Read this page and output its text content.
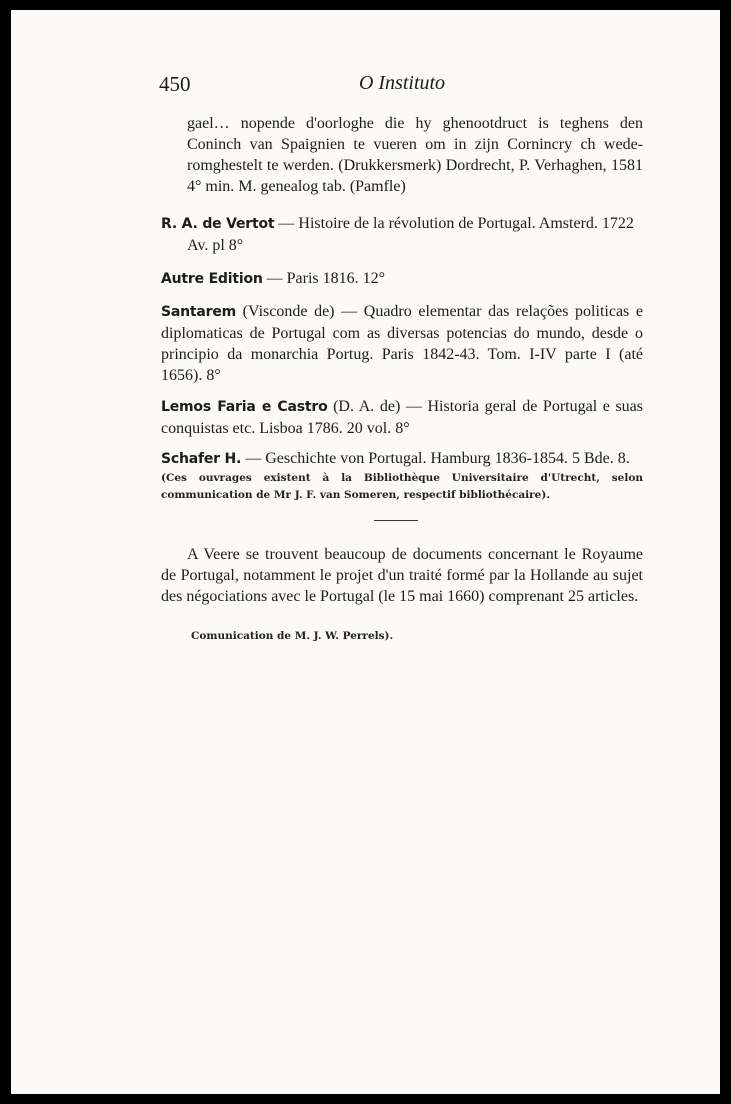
450	O Instituto
gael… nopende d'oorloghe die hy ghenootdruct is teghens den Coninch van Spaignien te vueren om in zijn Cornincry ch wede-romghestelt te werden. (Drukkersmerk) Dordrecht, P. Verhaghen, 1581 4° min. M. genealog tab. (Pamfle)
R. A. de Vertot — Histoire de la révolution de Portugal. Amsterd. 1722
Av. pl 8°
Autre Edition — Paris 1816. 12°
Santarem (Visconde de) — Quadro elementar das relações politicas e diplomaticas de Portugal com as diversas potencias do mundo, desde o principio da monarchia Portug. Paris 1842-43. Tom. I-IV parte I (até 1656). 8°
Lemos Faria e Castro (D. A. de) — Historia geral de Portugal e suas conquistas etc. Lisboa 1786. 20 vol. 8°
Schafer H. — Geschichte von Portugal. Hamburg 1836-1854. 5 Bde. 8.
(Ces ouvrages existent à la Bibliothèque Universitaire d'Utrecht, selon communication de Mr J. F. van Someren, respectif bibliothécaire).
A Veere se trouvent beaucoup de documents concernant le Royaume de Portugal, notamment le projet d'un traité formé par la Hollande au sujet des négociations avec le Portugal (le 15 mai 1660) comprenant 25 articles.
Comunication de M. J. W. Perrels).
